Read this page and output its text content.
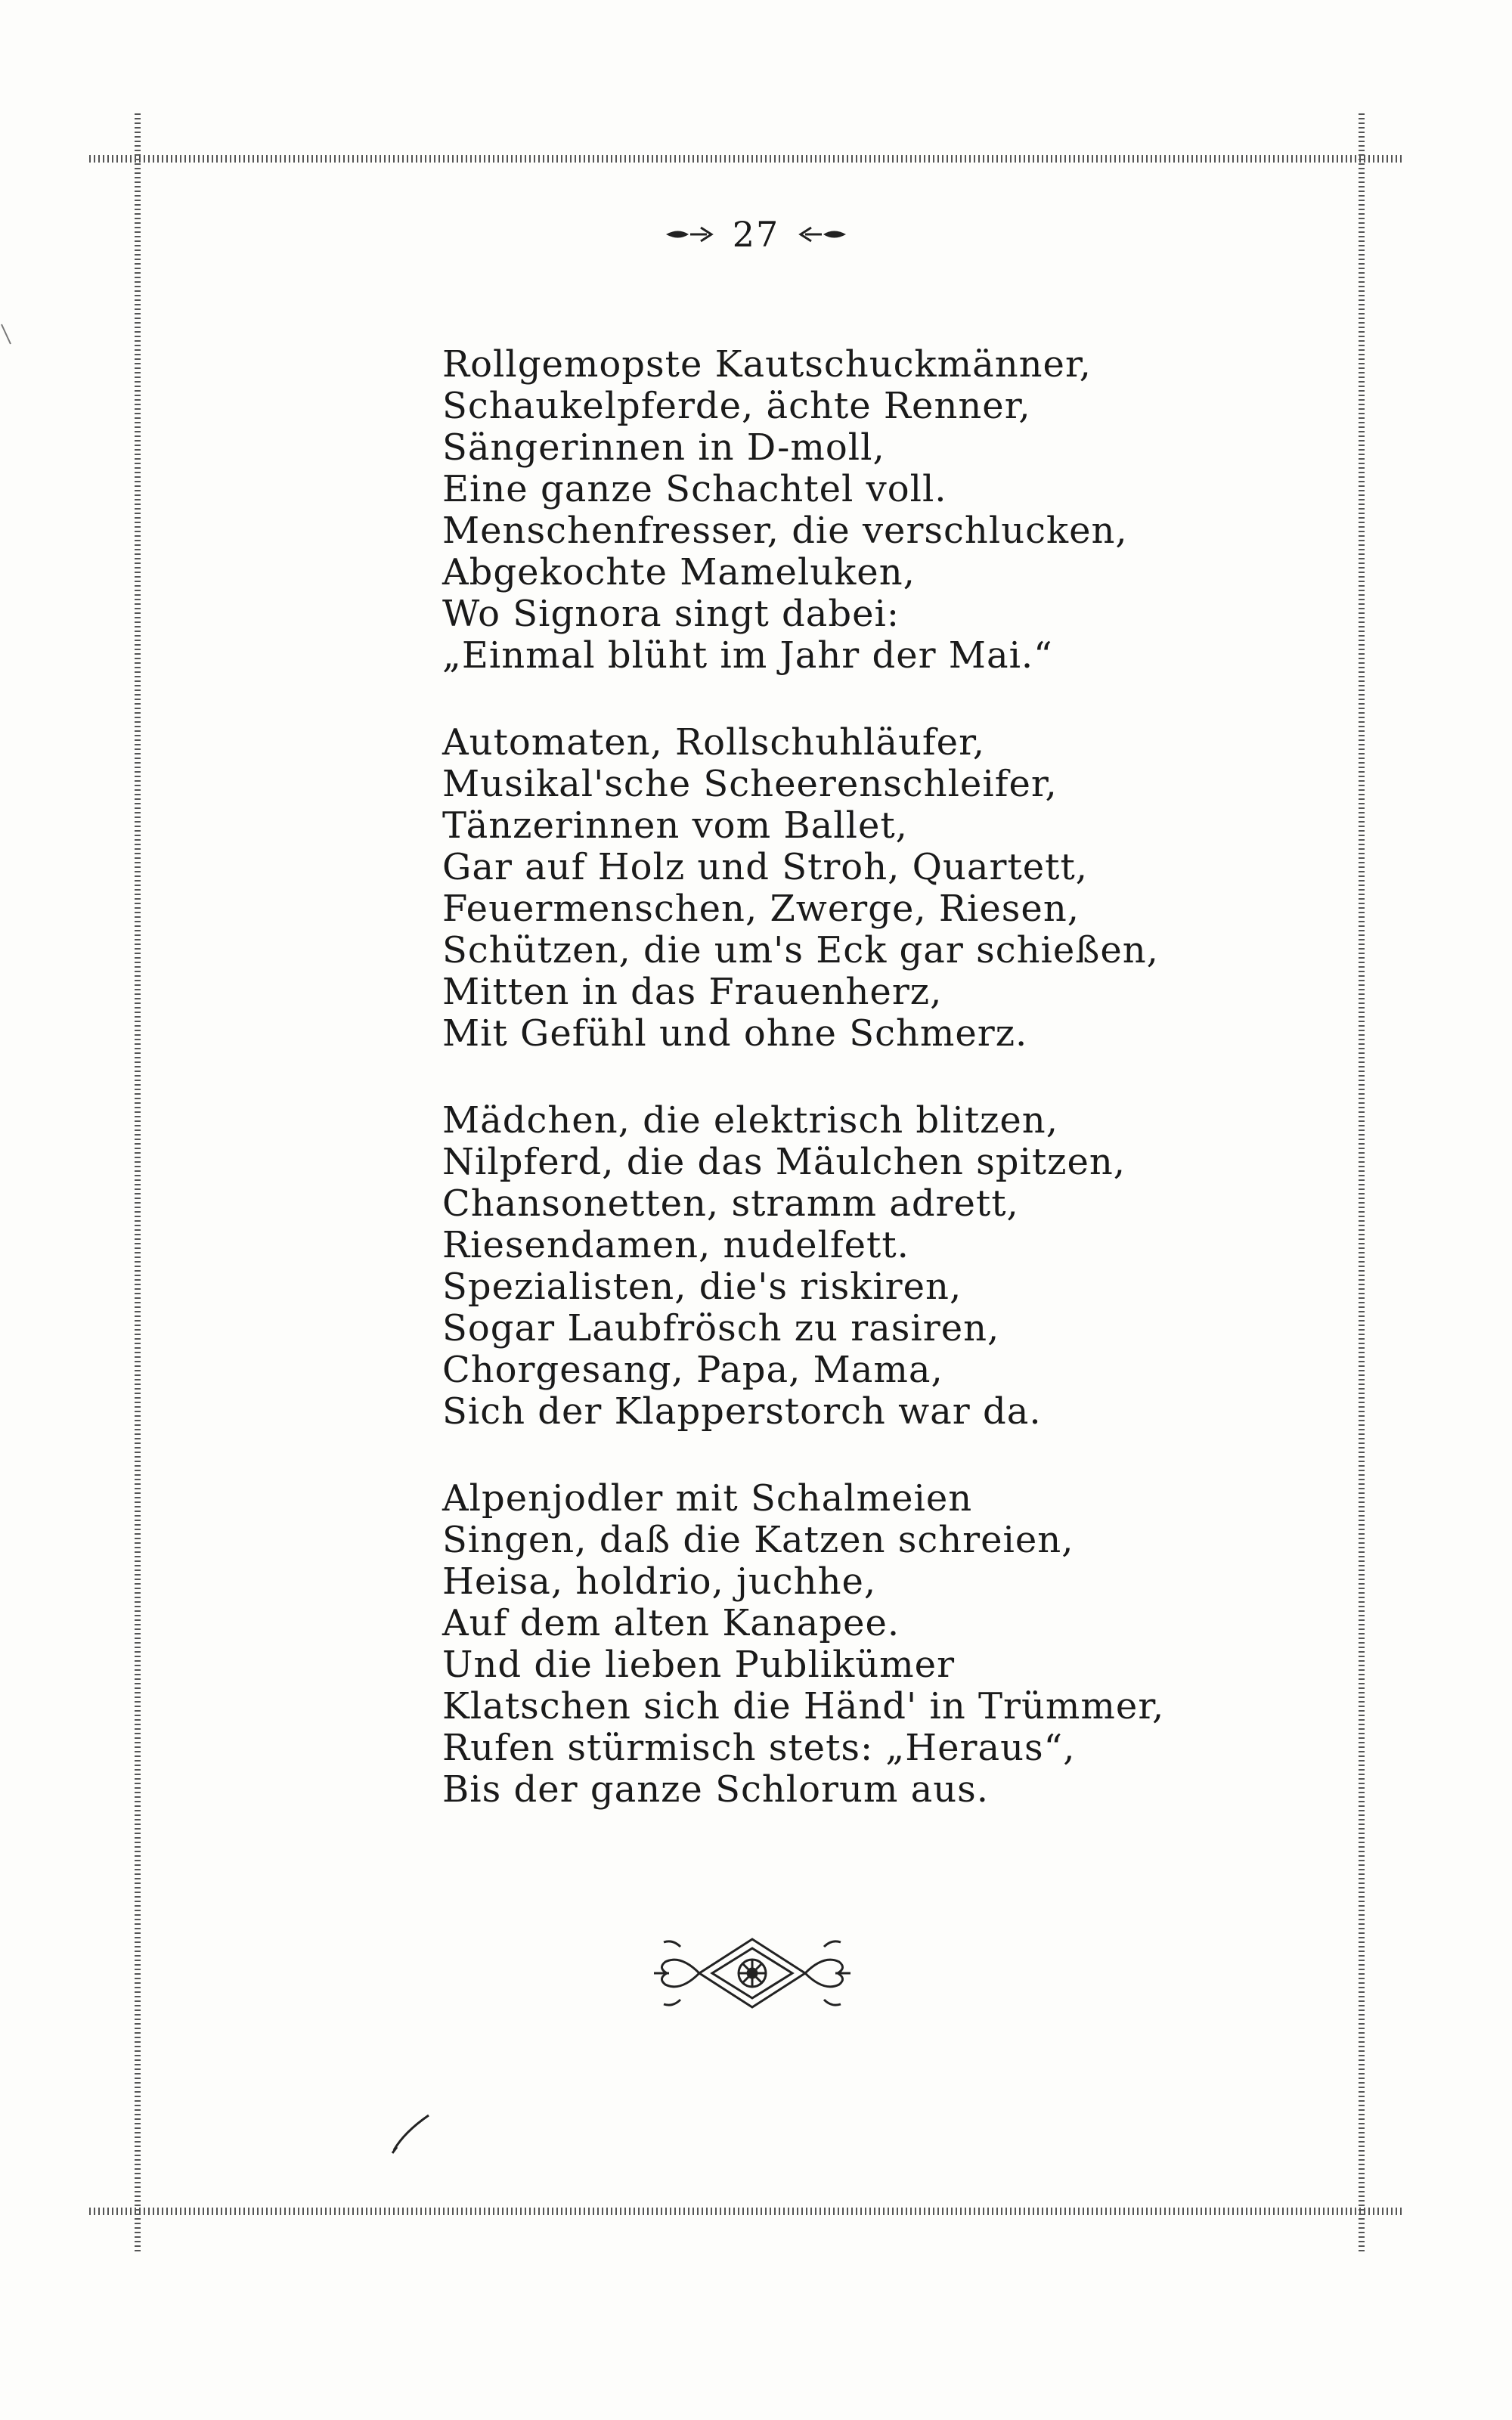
27
Rollgemopste Kautschuckmänner,
Schaukelpferde, ächte Renner,
Sängerinnen in D-moll,
Eine ganze Schachtel voll.
Menschenfresser, die verschlucken,
Abgekochte Mameluken,
Wo Signora singt dabei:
„Einmal blüht im Jahr der Mai.“
Automaten, Rollschuhläufer,
Musikal'sche Scheerenschleifer,
Tänzerinnen vom Ballet,
Gar auf Holz und Stroh, Quartett,
Feuermenschen, Zwerge, Riesen,
Schützen, die um's Eck gar schießen,
Mitten in das Frauenherz,
Mit Gefühl und ohne Schmerz.
Mädchen, die elektrisch blitzen,
Nilpferd, die das Mäulchen spitzen,
Chansonetten, stramm adrett,
Riesendamen, nudelfett.
Spezialisten, die's riskiren,
Sogar Laubfrösch zu rasiren,
Chorgesang, Papa, Mama,
Sich der Klapperstorch war da.
Alpenjodler mit Schalmeien
Singen, daß die Katzen schreien,
Heisa, holdrio, juchhe,
Auf dem alten Kanapee.
Und die lieben Publikümer
Klatschen sich die Händ' in Trümmer,
Rufen stürmisch stets: „Heraus“,
Bis der ganze Schlorum aus.
